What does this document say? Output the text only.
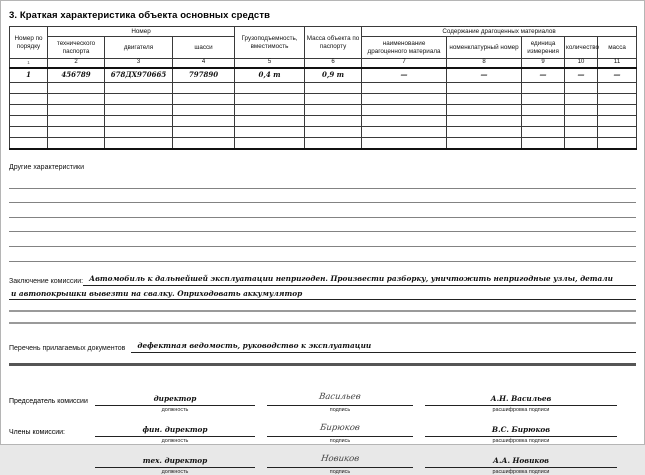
3. Краткая характеристика объекта основных средств
Номер по порядку	Номер			Грузоподъемность, вместимость	Масса объекта по паспорту	Содержание драгоценных материалов				
	технического паспорта	двигателя	шасси			наименование драгоценного материала	номенклатурный номер	единица измерения	количество	масса
1	2	3	4	5	6	7	8	9	10	11
1	456789	678ДХ970665	797890	0,4 т	0,9 т	—	—	—	—	—

Другие характеристики
Заключение комиссии: Автомобиль к дальнейшей эксплуатации непригоден. Произвести разборку, уничтожить непригодные узлы, детали
и автопокрышки вывезти на свалку. Оприходовать аккумулятор
Перечень прилагаемых документов	дефектная ведомость, руководство к эксплуатации
Председатель комиссии	директор
должность
Васильев
подпись
А.Н. Васильев
расшифровка подписи
Члены комиссии:	фин. директор
должность
Бирюков
подпись
В.С. Бирюков
расшифровка подписи
тех. директор
должность
Новиков
подпись
А.А. Новиков
расшифровка подписи
